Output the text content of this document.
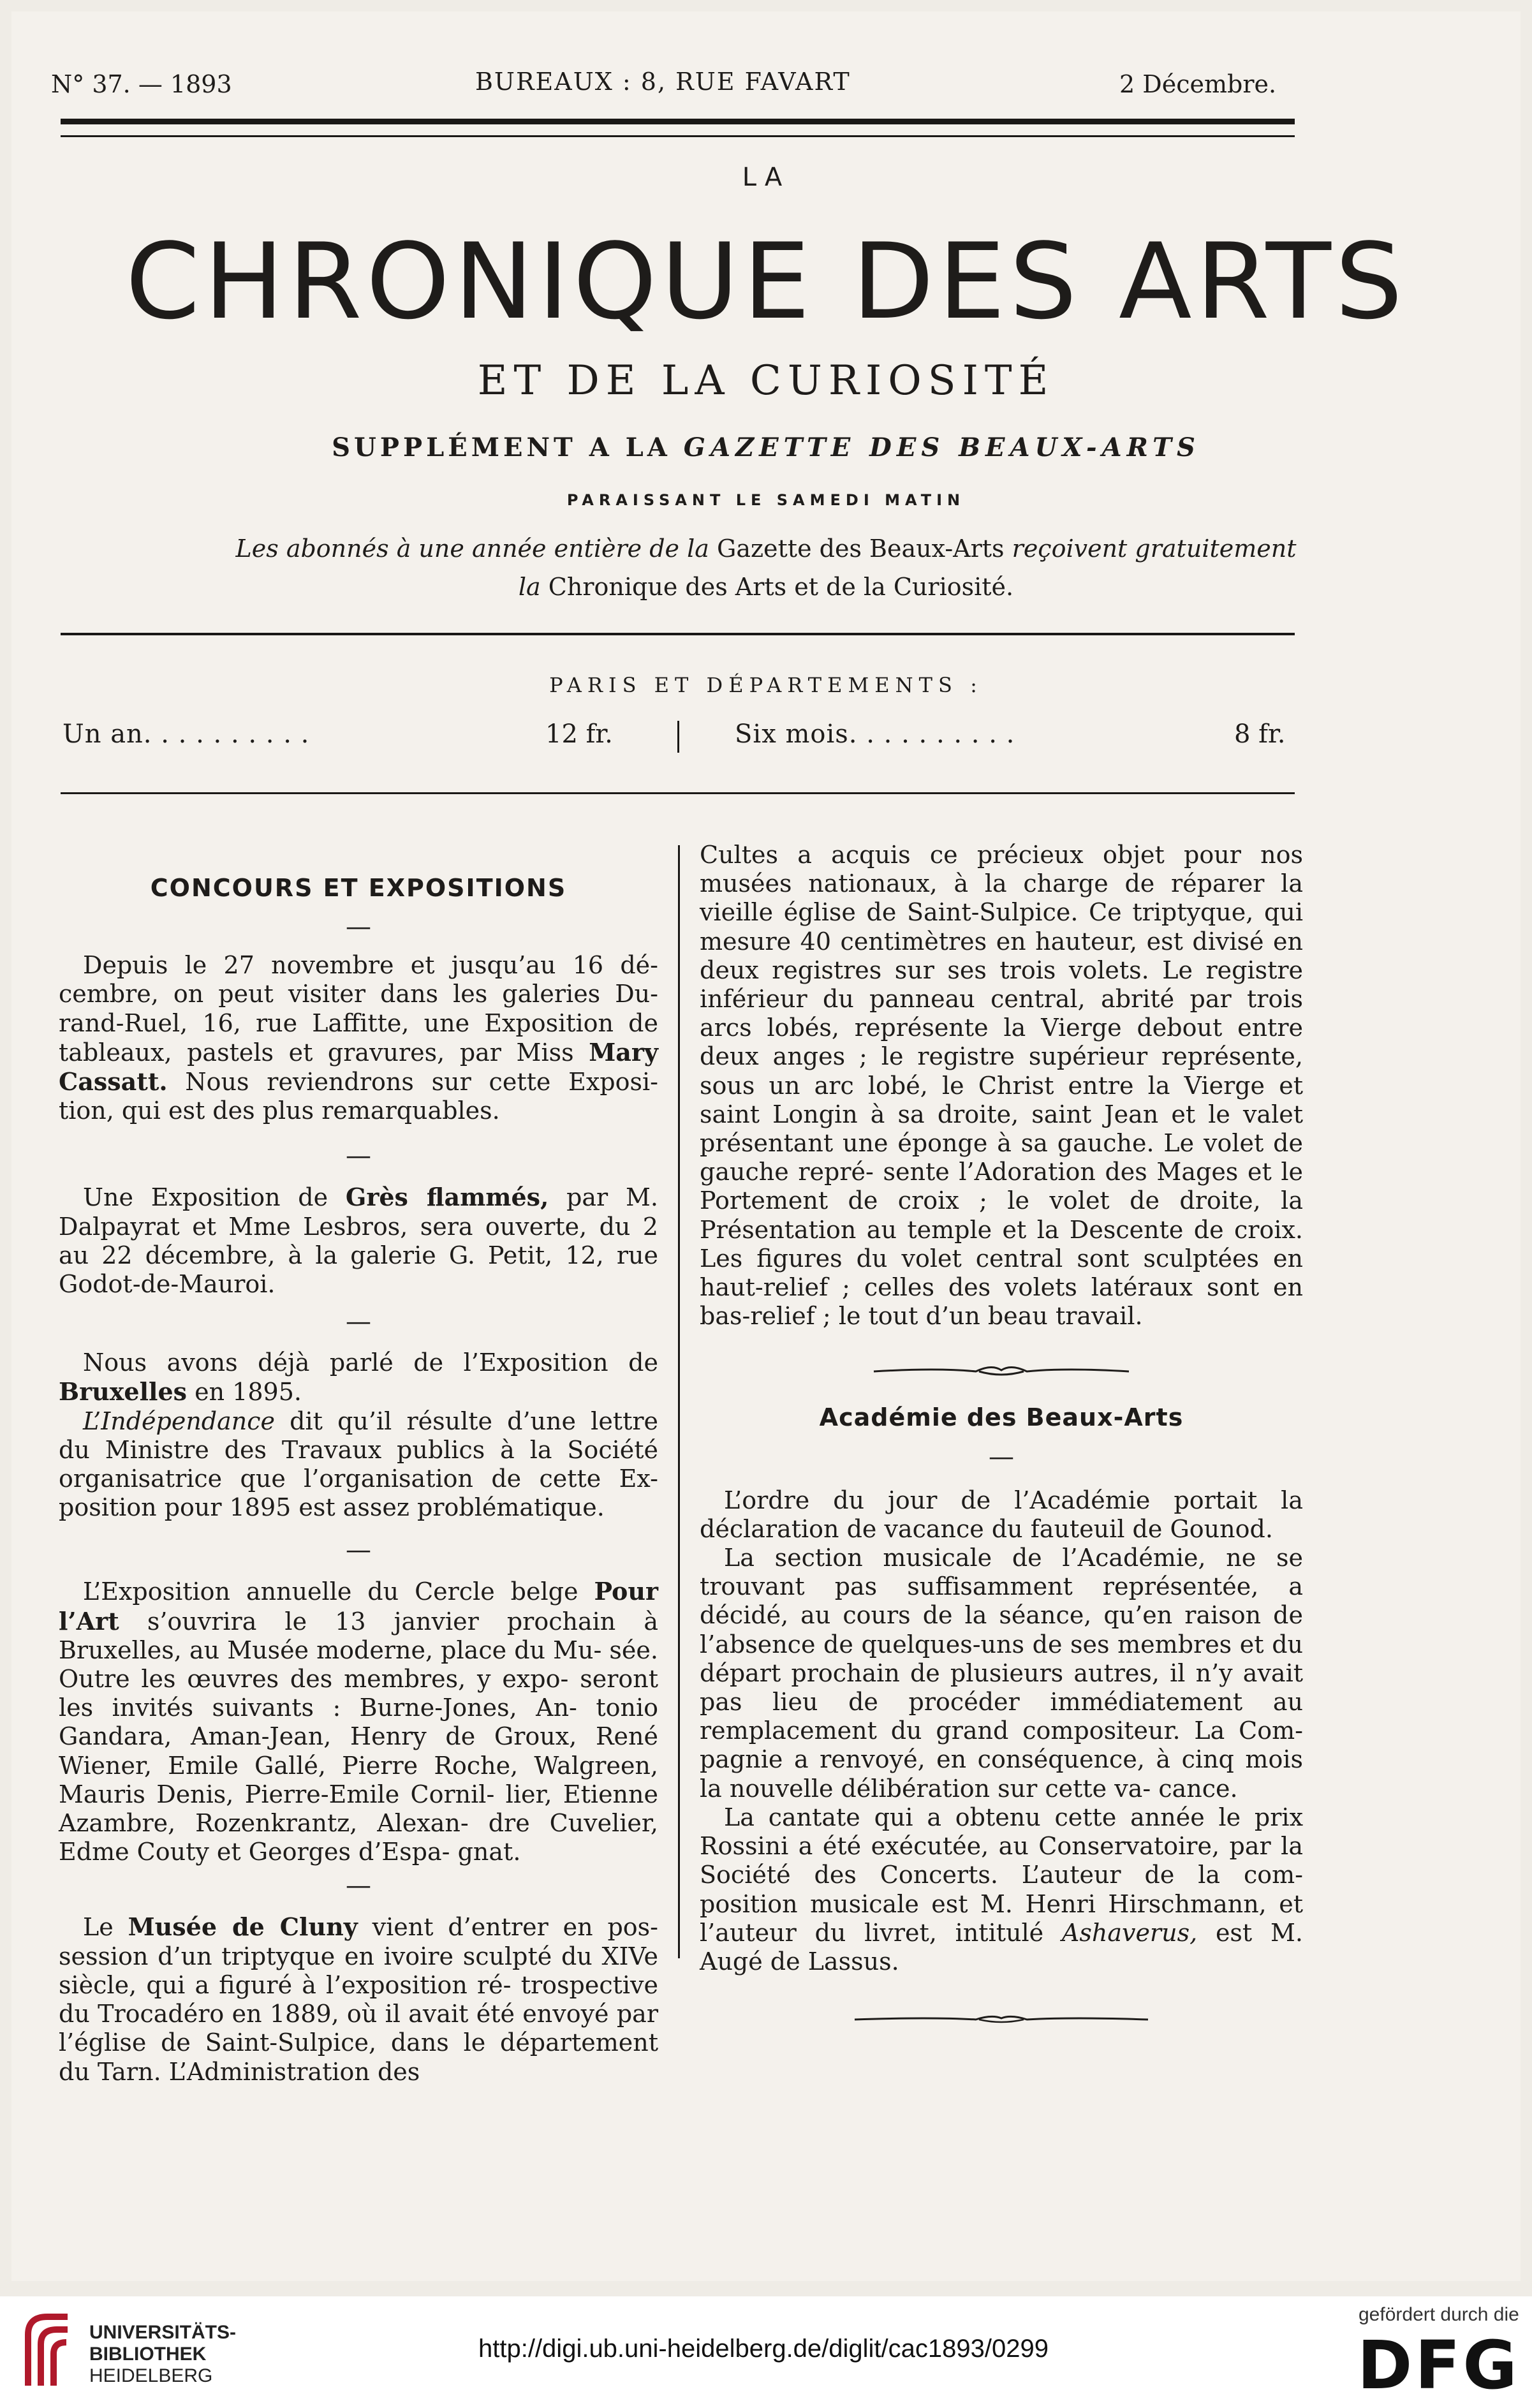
N° 37. — 1893	BUREAUX : 8, RUE FAVART	2 Décembre.
LA
CHRONIQUE DES ARTS
ET DE LA CURIOSITÉ
SUPPLÉMENT A LA GAZETTE DES BEAUX-ARTS
PARAISSANT LE SAMEDI MATIN
Les abonnés à une année entière de la Gazette des Beaux-Arts reçoivent gratuitement
la Chronique des Arts et de la Curiosité.
PARIS ET DÉPARTEMENTS :
Un an. . . . . . . . . .	12 fr.	Six mois. . . . . . . . . .	8 fr.
CONCOURS ET EXPOSITIONS
—

Depuis le 27 novembre et jusqu’au 16 dé- cembre, on peut visiter dans les galeries Du- rand-Ruel, 16, rue Laffitte, une Exposition de tableaux, pastels et gravures, par Miss Mary Cassatt. Nous reviendrons sur cette Exposi- tion, qui est des plus remarquables.

—

Une Exposition de Grès flammés, par M. Dalpayrat et Mme Lesbros, sera ouverte, du 2 au 22 décembre, à la galerie G. Petit, 12, rue Godot-de-Mauroi.

—

Nous avons déjà parlé de l’Exposition de Bruxelles en 1895.

L’Indépendance dit qu’il résulte d’une lettre du Ministre des Travaux publics à la Société organisatrice que l’organisation de cette Ex- position pour 1895 est assez problématique.

—

L’Exposition annuelle du Cercle belge Pour l’Art s’ouvrira le 13 janvier prochain à Bruxelles, au Musée moderne, place du Mu- sée. Outre les œuvres des membres, y expo- seront les invités suivants : Burne-Jones, An- tonio Gandara, Aman-Jean, Henry de Groux, René Wiener, Emile Gallé, Pierre Roche, Walgreen, Mauris Denis, Pierre-Emile Cornil- lier, Etienne Azambre, Rozenkrantz, Alexan- dre Cuvelier, Edme Couty et Georges d’Espa- gnat.

—

Le Musée de Cluny vient d’entrer en pos- session d’un triptyque en ivoire sculpté du XIVe siècle, qui a figuré à l’exposition ré- trospective du Trocadéro en 1889, où il avait été envoyé par l’église de Saint-Sulpice, dans le département du Tarn. L’Administration des

Cultes a acquis ce précieux objet pour nos musées nationaux, à la charge de réparer la vieille église de Saint-Sulpice. Ce triptyque, qui mesure 40 centimètres en hauteur, est divisé en deux registres sur ses trois volets. Le registre inférieur du panneau central, abrité par trois arcs lobés, représente la Vierge debout entre deux anges ; le registre supérieur représente, sous un arc lobé, le Christ entre la Vierge et saint Longin à sa droite, saint Jean et le valet présentant une éponge à sa gauche. Le volet de gauche repré- sente l’Adoration des Mages et le Portement de croix ; le volet de droite, la Présentation au temple et la Descente de croix. Les figures du volet central sont sculptées en haut-relief ; celles des volets latéraux sont en bas-relief ; le tout d’un beau travail.

Académie des Beaux-Arts
—

L’ordre du jour de l’Académie portait la déclaration de vacance du fauteuil de Gounod.

La section musicale de l’Académie, ne se trouvant pas suffisamment représentée, a décidé, au cours de la séance, qu’en raison de l’absence de quelques-uns de ses membres et du départ prochain de plusieurs autres, il n’y avait pas lieu de procéder immédiatement au remplacement du grand compositeur. La Com- pagnie a renvoyé, en conséquence, à cinq mois la nouvelle délibération sur cette va- cance.

La cantate qui a obtenu cette année le prix Rossini a été exécutée, au Conservatoire, par la Société des Concerts. L’auteur de la com- position musicale est M. Henri Hirschmann, et l’auteur du livret, intitulé Ashaverus, est M. Augé de Lassus.

UNIVERSITÄTS-
BIBLIOTHEK
HEIDELBERG
http://digi.ub.uni-heidelberg.de/diglit/cac1893/0299
gefördert durch die
DFG
